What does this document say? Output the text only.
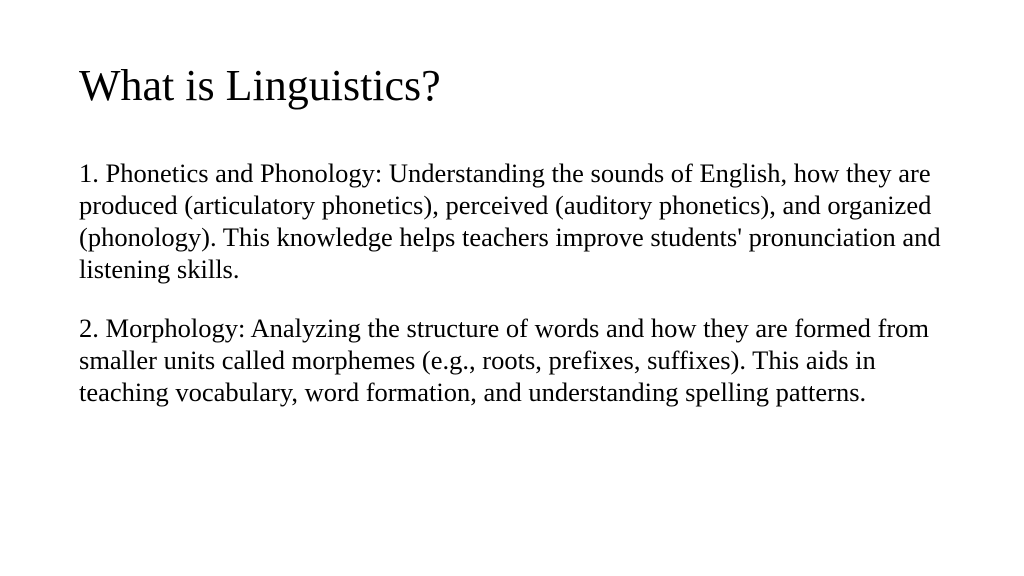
What is Linguistics?

1. Phonetics and Phonology: Understanding the sounds of English, how they are produced (articulatory phonetics), perceived (auditory phonetics), and organized (phonology). This knowledge helps teachers improve students' pronunciation and listening skills.

2. Morphology: Analyzing the structure of words and how they are formed from smaller units called morphemes (e.g., roots, prefixes, suffixes). This aids in teaching vocabulary, word formation, and understanding spelling patterns.
